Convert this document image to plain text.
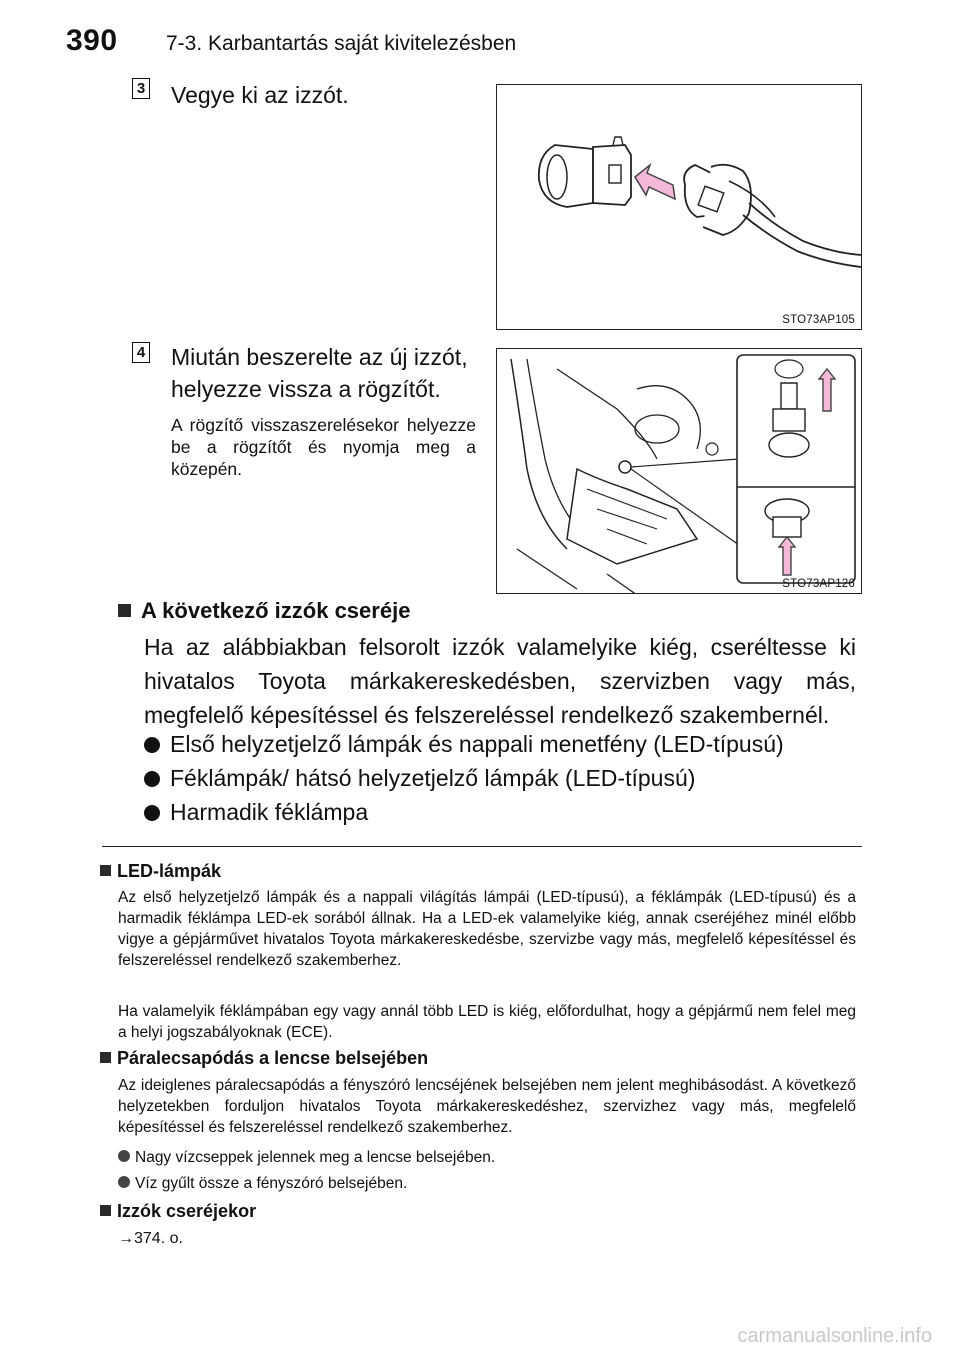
390 7-3. Karbantartás saját kivitelezésben
3 Vegye ki az izzót.
STO73AP105
4 Miután beszerelte az új izzót,
helyezze vissza a rögzítőt.
A rögzítő visszaszerelésekor helyezze be a rögzítőt és nyomja meg a közepén.
STO73AP126
A következő izzók cseréje
Ha az alábbiakban felsorolt izzók valamelyike kiég, cseréltesse ki hivatalos Toyota márkakereskedésben, szervizben vagy más, megfelelő képesítéssel és felszereléssel rendelkező szakembernél.
Első helyzetjelző lámpák és nappali menetfény (LED-típusú)
Féklámpák/ hátsó helyzetjelző lámpák (LED-típusú)
Harmadik féklámpa
LED-lámpák
Az első helyzetjelző lámpák és a nappali világítás lámpái (LED-típusú), a féklámpák (LED-típusú) és a harmadik féklámpa LED-ek sorából állnak. Ha a LED-ek valamelyike kiég, annak cseréjéhez minél előbb vigye a gépjárművet hivatalos Toyota márkakereskedésbe, szervizbe vagy más, megfelelő képesítéssel és felszereléssel rendelkező szakemberhez.
Ha valamelyik féklámpában egy vagy annál több LED is kiég, előfordulhat, hogy a gépjármű nem felel meg a helyi jogszabályoknak (ECE).
Páralecsapódás a lencse belsejében
Az ideiglenes páralecsapódás a fényszóró lencséjének belsejében nem jelent meghibásodást. A következő helyzetekben forduljon hivatalos Toyota márkakereskedéshez, szervizhez vagy más, megfelelő képesítéssel és felszereléssel rendelkező szakemberhez.
Nagy vízcseppek jelennek meg a lencse belsejében.
Víz gyűlt össze a fényszóró belsejében.
Izzók cseréjekor
→374. o.
carmanualsonline.info
